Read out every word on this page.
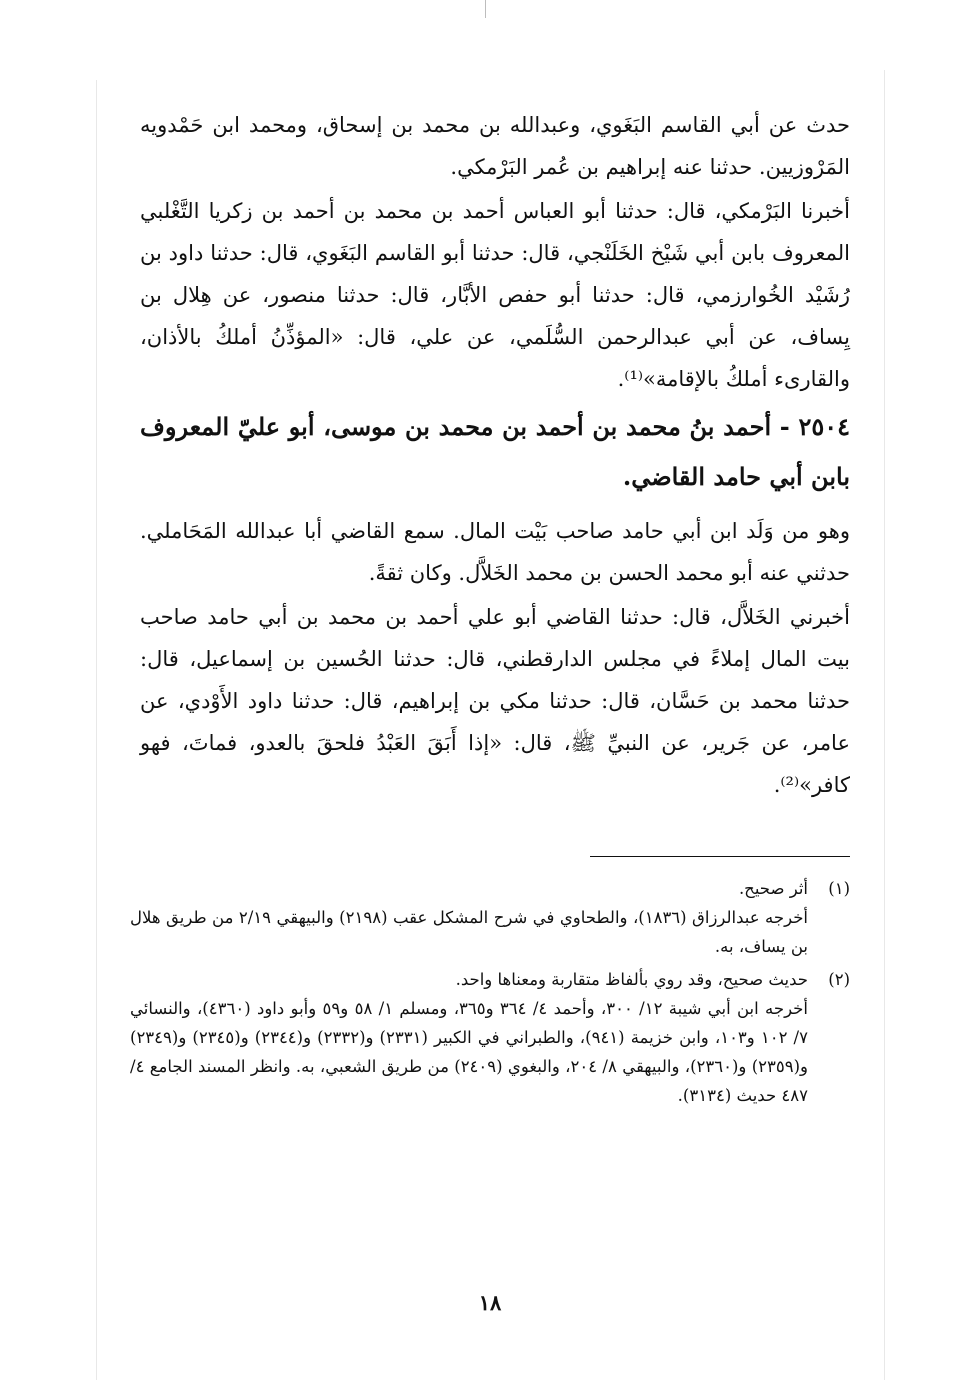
حدث عن أبي القاسم البَغَوي، وعبدالله بن محمد بن إسحاق، ومحمد ابن حَمْدويه المَرْوزيين. حدثنا عنه إبراهيم بن عُمر البَرْمكي.

أخبرنا البَرْمكي، قال: حدثنا أبو العباس أحمد بن محمد بن أحمد بن زكريا التَّغْلبي المعروف بابن أبي شَيْخ الخَلَنْجي، قال: حدثنا أبو القاسم البَغَوي، قال: حدثنا داود بن رُشَيْد الخُوارزمي، قال: حدثنا أبو حفص الأبَّار، قال: حدثنا منصور، عن هِلال بن يِساف، عن أبي عبدالرحمن السُّلَمي، عن علي، قال: «المؤذِّنُ أملكُ بالأذان، والقارىء أملكُ بالإقامة»⁽¹⁾.

٢٥٠٤ - أحمد بنُ محمد بن أحمد بن محمد بن موسى، أبو عليّ المعروف بابن أبي حامد القاضي.

وهو من وَلَد ابن أبي حامد صاحب بَيْت المال. سمع القاضي أبا عبدالله المَحَاملي. حدثني عنه أبو محمد الحسن بن محمد الخَلاَّل. وكان ثقةً.

أخبرني الخَلاَّل، قال: حدثنا القاضي أبو علي أحمد بن محمد بن أبي حامد صاحب بيت المال إملاءً في مجلس الدارقطني، قال: حدثنا الحُسين بن إسماعيل، قال: حدثنا محمد بن حَسَّان، قال: حدثنا مكي بن إبراهيم، قال: حدثنا داود الأَوْدي، عن عامر، عن جَرير، عن النبيِّ ﷺ، قال: «إذا أَبَقَ العَبْدُ فلحقَ بالعدو، فماتَ، فهو كافر»⁽²⁾.

(١)
أثر صحيح.
أخرجه عبدالرزاق (١٨٣٦)، والطحاوي في شرح المشكل عقب (٢١٩٨) والبيهقي ٢/١٩ من طريق هلال بن يساف، به.
(٢)
حديث صحيح، وقد روي بألفاظ متقاربة ومعناها واحد.
أخرجه ابن أبي شيبة ١٢/ ٣٠٠، وأحمد ٤/ ٣٦٤ و٣٦٥، ومسلم ١/ ٥٨ و٥٩ وأبو داود (٤٣٦٠)، والنسائي ٧/ ١٠٢ و١٠٣، وابن خزيمة (٩٤١)، والطبراني في الكبير (٢٣٣١) و(٢٣٣٢) و(٢٣٤٤) و(٢٣٤٥) و(٢٣٤٩) و(٢٣٥٩) و(٢٣٦٠)، والبيهقي ٨/ ٢٠٤، والبغوي (٢٤٠٩) من طريق الشعبي، به. وانظر المسند الجامع ٤/ ٤٨٧ حديث (٣١٣٤).
١٨
